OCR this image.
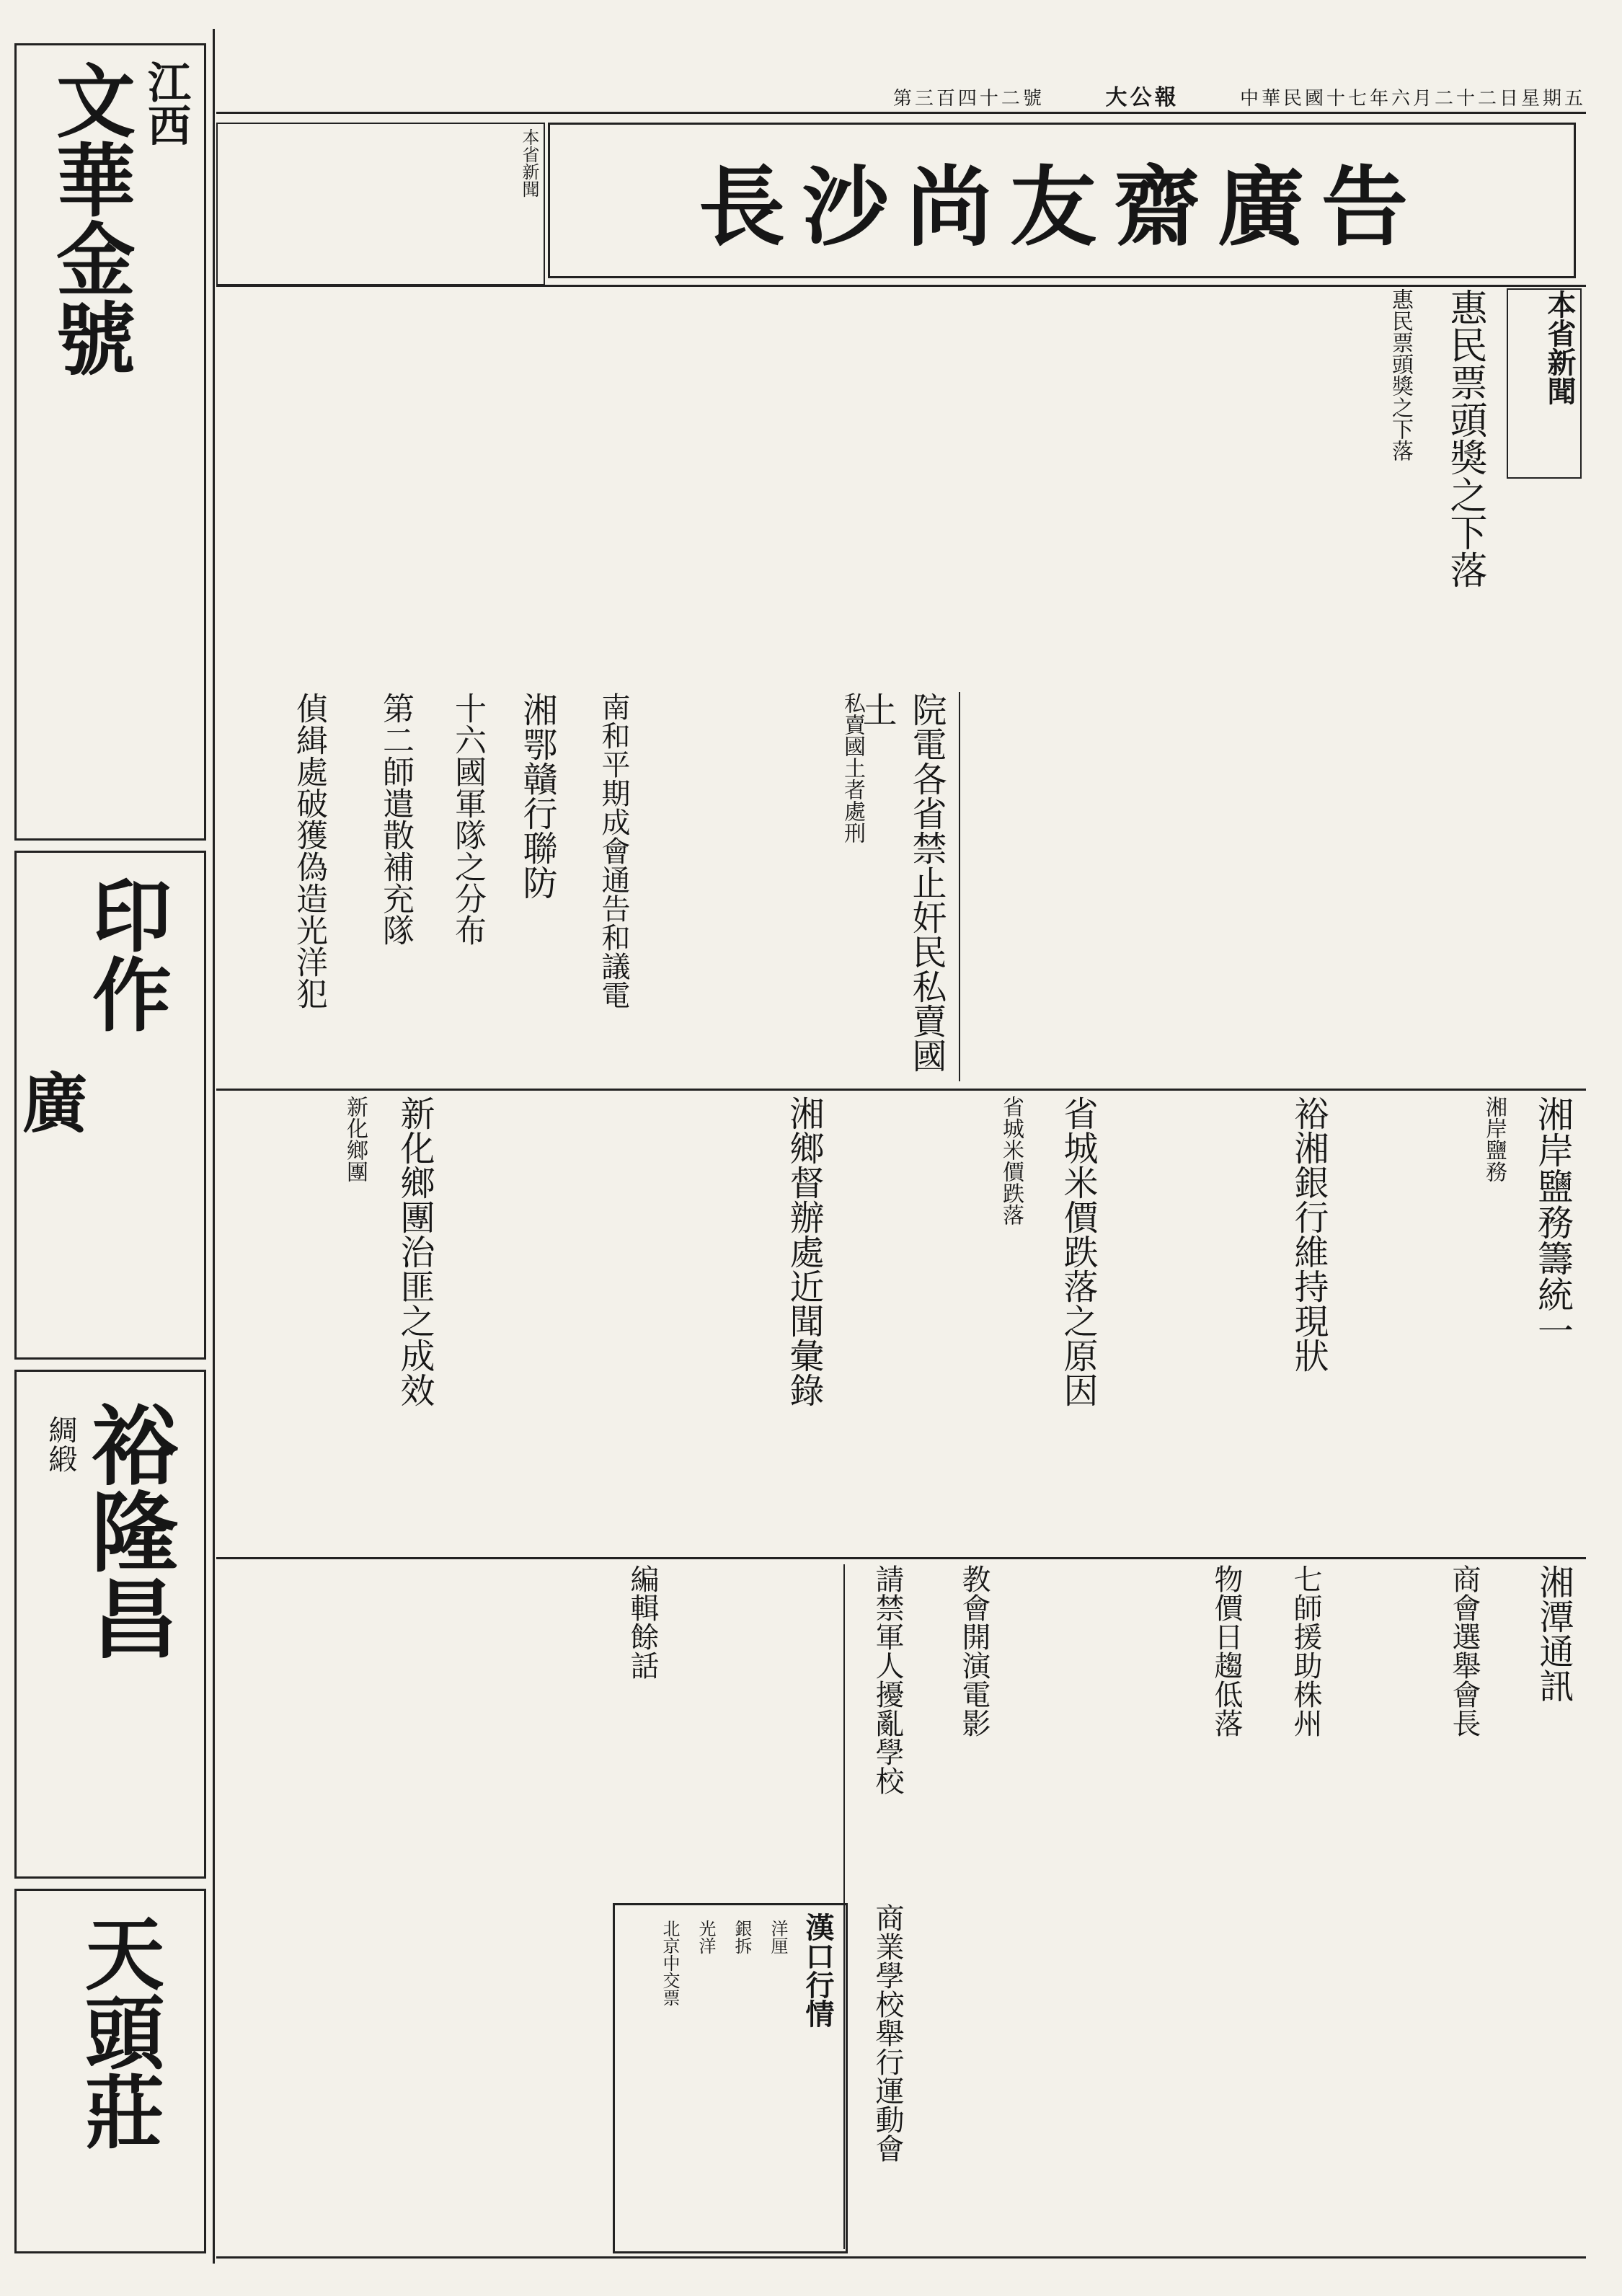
第三百四十二號	大公報	中華民國十七年六月二十二日星期五
長沙尚友齋廣告
本省新聞
江西
文華金號
印作
廣
裕隆昌
綢緞
天頭莊
本省新聞
惠民票頭獎之下落
惠民票頭獎之下落
院電各省禁止奸民私賣國土
私賣國土者處刑
南和平期成會通告和議電
湘鄂贛行聯防
十六國軍隊之分布
第二師遣散補充隊
偵緝處破獲偽造光洋犯
湘岸鹽務籌統一
湘岸鹽務
裕湘銀行維持現狀
省城米價跌落之原因
省城米價跌落
湘鄉督辦處近聞彙錄
新化鄉團治匪之成效
新化鄉團
湘潭通訊
商會選舉會長
七師援助株州
物價日趨低落
教會開演電影
請禁軍人擾亂學校
商業學校舉行運動會
編輯餘話
漢口行情
洋厘
銀拆
光洋
北京中交票
